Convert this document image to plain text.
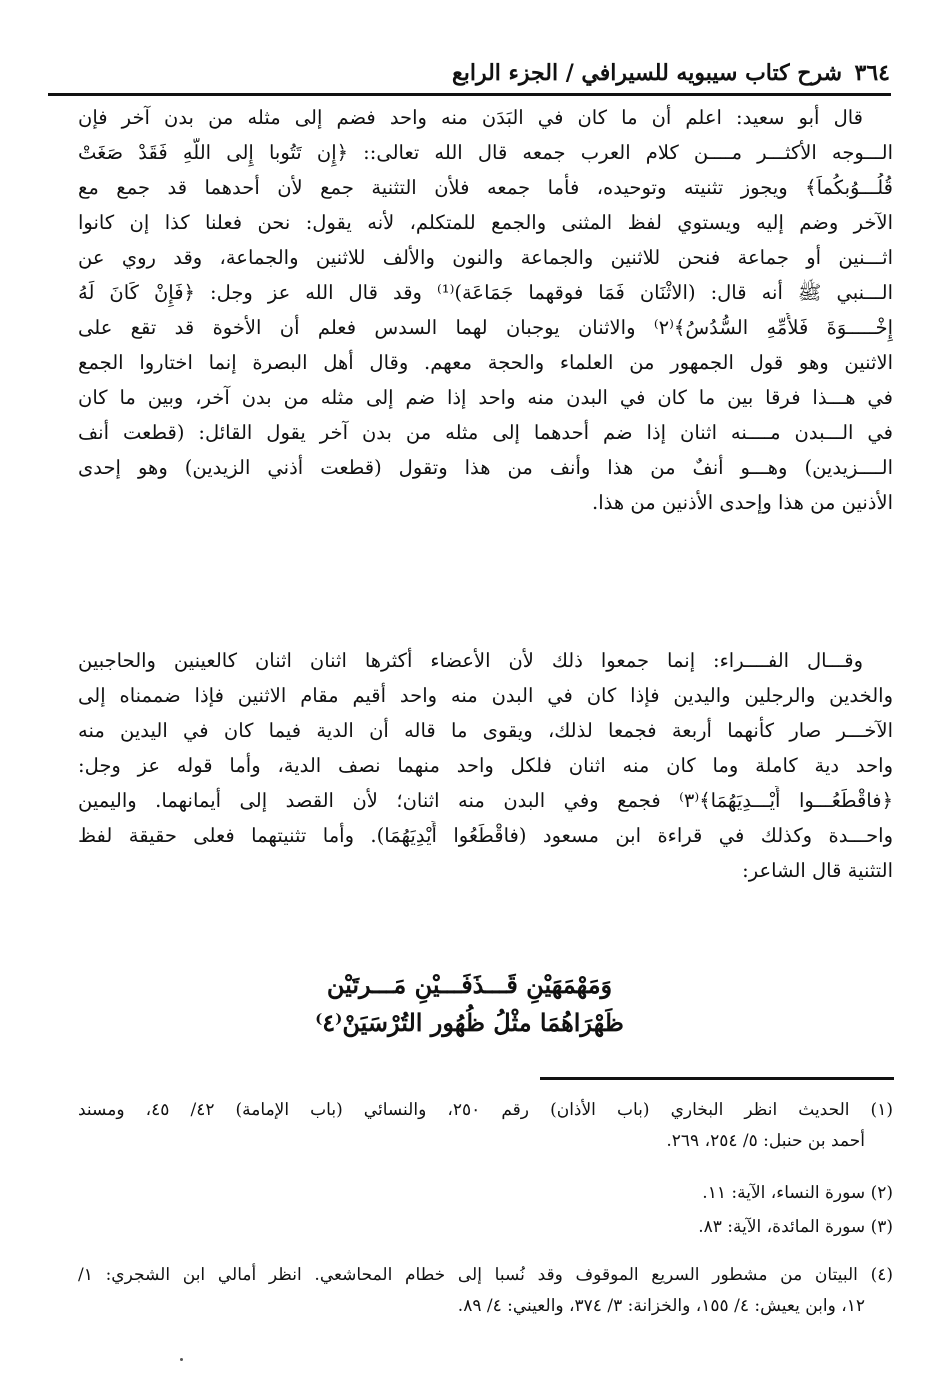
شرح كتاب سيبويه للسيرافي / الجزء الرابع ٣٦٤
قال أبو سعيد: اعلم أن ما كان في البَدَن منه واحد فضم إلى مثله من بدن آخر فإن
الـــوجه الأكثـــر مــــن كلام العرب جمعه قال الله تعالى:: ﴿إِن تَتُوبا إِلى اللَّهِ فَقَدْ صَغَتْ
قُلُـــوُبكُماَ﴾ ويجوز تثنيته وتوحيده، فأما جمعه فلأن التثنية جمع لأن أحدهما قد جمع مع
الآخر وضم إليه ويستوي لفظ المثنى والجمع للمتكلم، لأنه يقول: نحن فعلنا كذا إن كانوا
اثـــنين أو جماعة فنحن للاثنين والجماعة والنون والألف للاثنين والجماعة، وقد روي عن
الـــنبي ﷺ أنه قال: (الاثْنَان فَمَا فوقهما جَمَاعَة)⁽¹⁾ وقد قال الله عز وجل: ﴿فَإِنْ كَانَ لَهُ
إِخْـــــوَةَ فَلأُمِّهِ السُّدُسُ﴾⁽٢⁾ والاثنان يوجبان لهما السدس فعلم أن الأخوة قد تقع على
الاثنين وهو قول الجمهور من العلماء والحجة معهم. وقال أهل البصرة إنما اختاروا الجمع
في هـــذا فرقا بين ما كان في البدن منه واحد إذا ضم إلى مثله من بدن آخر، وبين ما كان
في الـــبدن مــــنه اثنان إذا ضم أحدهما إلى مثله من بدن آخر يقول القائل: (قطعت أنف
الــــزيدين) وهـــو أنفٌ من هذا وأنف من هذا وتقول (قطعت أذني الزيدين) وهو إحدى
الأذنين من هذا وإحدى الأذنين من هذا.
وقـــال الفــــراء: إنما جمعوا ذلك لأن الأعضاء أكثرها اثنان اثنان كالعينين والحاجبين
والخدين والرجلين واليدين فإذا كان في البدن منه واحد أقيم مقام الاثنين فإذا ضممناه إلى
الآخـــر صار كأنهما أربعة فجمعا لذلك، ويقوى ما قاله أن الدية فيما كان في اليدين منه
واحد دية كاملة وما كان منه اثنان فلكل واحد منهما نصف الدية، وأما قوله عز وجل:
﴿فاقْطَعُـــوا أَيْـــدِيَهُمَا﴾⁽٣⁾ فجمع وفي البدن منه اثنان؛ لأن القصد إلى أيمانهما. واليمين
واحـــدة وكذلك في قراءة ابن مسعود (فاقْطَعُوا أَيْدِيَهُمَا). وأما تثنيتهما فعلى حقيقة لفظ
التثنية قال الشاعر:
وَمَهْمَهَيْنِ قَـــذَفَـــيْنِ مَـــرتَيْن
ظَهْرَاهُمَا مثْلُ ظُهُور التُرْسَيَنْ⁽٤⁾
(١) الحديث انظر البخاري (باب الأذان) رقم ٢٥٠، والنسائي (باب الإمامة) ٤٢/ ٤٥، ومسند
أحمد بن حنبل: ٥/ ٢٥٤، ٢٦٩.
(٢) سورة النساء، الآية: ١١.
(٣) سورة المائدة، الآية: ٨٣.
(٤) البيتان من مشطور السريع الموقوف وقد نُسبا إلى خطام المحاشعي. انظر أمالي ابن الشجري: ١/
١٢، وابن يعيش: ٤/ ١٥٥، والخزانة: ٣/ ٣٧٤، والعيني: ٤/ ٨٩.
